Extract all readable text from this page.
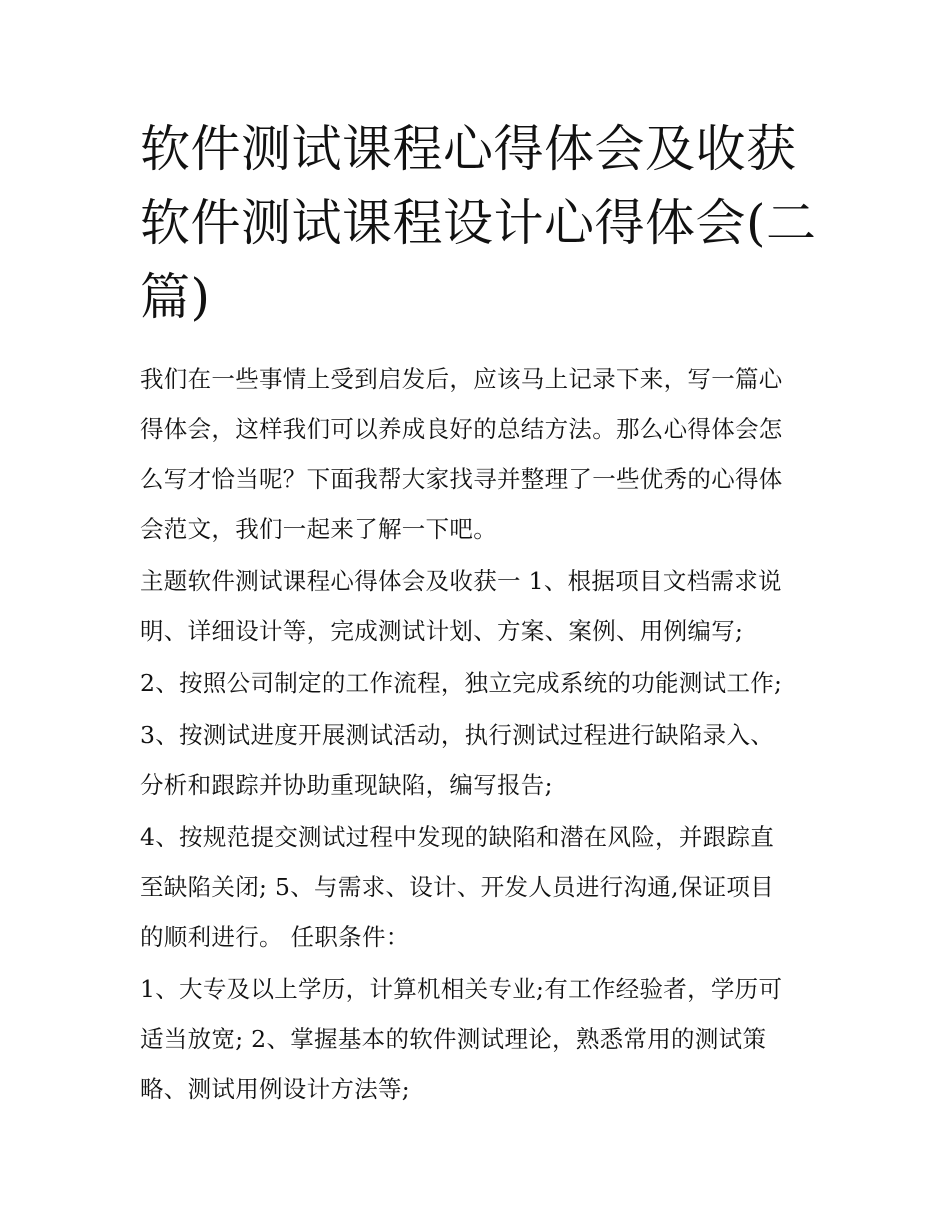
软件测试课程心得体会及收获
软件测试课程设计心得体会(二
篇)

我们在一些事情上受到启发后，应该马上记录下来，写一篇心
得体会，这样我们可以养成良好的总结方法。那么心得体会怎
么写才恰当呢？下面我帮大家找寻并整理了一些优秀的心得体
会范文，我们一起来了解一下吧。

主题软件测试课程心得体会及收获一 1、根据项目文档需求说
明、详细设计等，完成测试计划、方案、案例、用例编写;

2、按照公司制定的工作流程，独立完成系统的功能测试工作;

3、按测试进度开展测试活动，执行测试过程进行缺陷录入、
分析和跟踪并协助重现缺陷，编写报告;

4、按规范提交测试过程中发现的缺陷和潜在风险，并跟踪直
至缺陷关闭; 5、与需求、设计、开发人员进行沟通,保证项目
的顺利进行。 任职条件：

1、大专及以上学历，计算机相关专业;有工作经验者，学历可
适当放宽; 2、掌握基本的软件测试理论，熟悉常用的测试策
略、测试用例设计方法等;
